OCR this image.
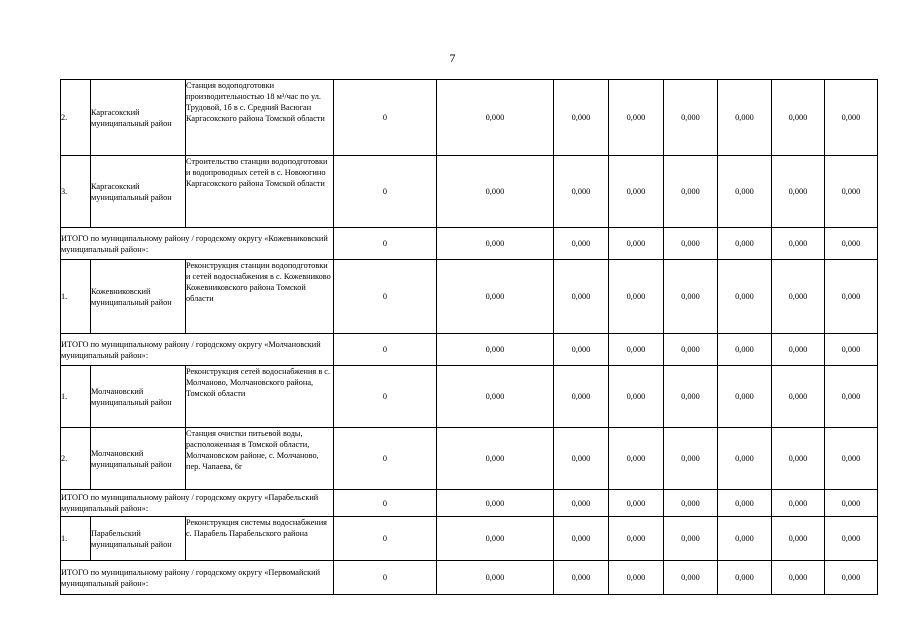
7
2.	Каргасокский муниципальный район	Станция водоподготовки производительностью 18 м³/час по ул. Трудовой, 1б в с. Средний Васюган Каргасокского района Томской области	0	0,000	0,000	0,000	0,000	0,000	0,000	0,000

3.	Каргасокский муниципальный район	Строительство станции водоподготовки и водопроводных сетей в с. Новоюгино Каргасокского района Томской области	0	0,000	0,000	0,000	0,000	0,000	0,000	0,000

ИТОГО по муниципальному району / городскому округу «Кожевниковский муниципальный район»:			0	0,000	0,000	0,000	0,000	0,000	0,000	0,000

1.	Кожевниковский муниципальный район	Реконструкция станции водоподготовки и сетей водоснабжения в с. Кожевниково Кожевниковского района Томской области	0	0,000	0,000	0,000	0,000	0,000	0,000	0,000

ИТОГО по муниципальному району / городскому округу «Молчановский муниципальный район»:			0	0,000	0,000	0,000	0,000	0,000	0,000	0,000

1.	Молчановский муниципальный район	Реконструкция сетей водоснабжения в с. Молчаново, Молчановского района, Томской области	0	0,000	0,000	0,000	0,000	0,000	0,000	0,000

2.	Молчановский муниципальный район	Станция очистки питьевой воды, расположенная в Томской области, Молчановском районе, с. Молчаново, пер. Чапаева, 6г	0	0,000	0,000	0,000	0,000	0,000	0,000	0,000

ИТОГО по муниципальному району / городскому округу «Парабельский муниципальный район»:			0	0,000	0,000	0,000	0,000	0,000	0,000	0,000

1.	Парабельский муниципальный район	Реконструкция системы водоснабжения с. Парабель Парабельского района	0	0,000	0,000	0,000	0,000	0,000	0,000	0,000

ИТОГО по муниципальному району / городскому округу «Первомайский муниципальный район»:			0	0,000	0,000	0,000	0,000	0,000	0,000	0,000
